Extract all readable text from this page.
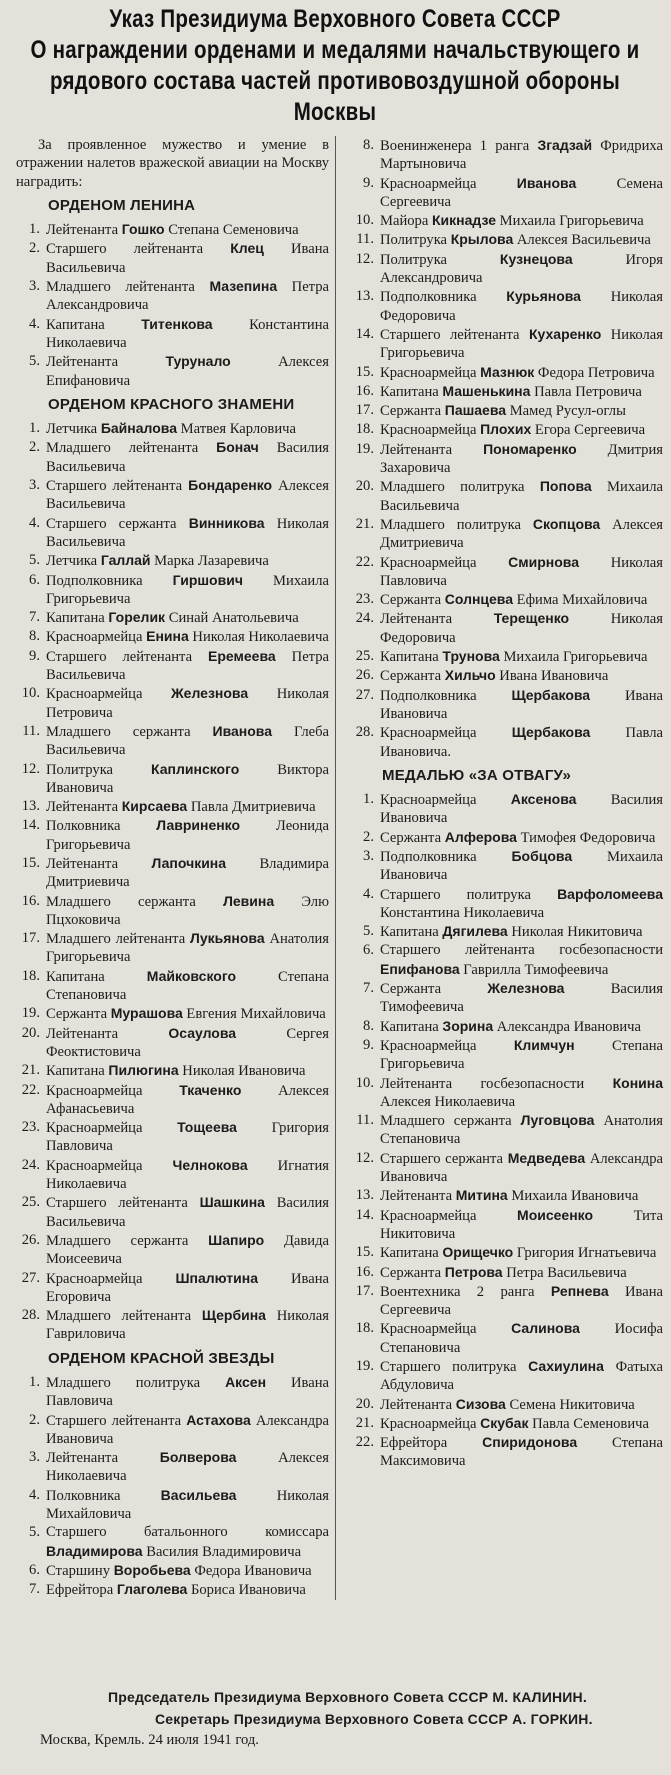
Указ Президиума Верховного Совета СССР
О награждении орденами и медалями начальствующего и
рядового состава частей противовоздушной обороны Москвы
За проявленное мужество и умение в отражении налетов вражеской авиации на Москву наградить:
ОРДЕНОМ ЛЕНИНА
1. Лейтенанта Гошко Степана Семеновича
2. Старшего лейтенанта Клец Ивана Васильевича
3. Младшего лейтенанта Мазепина Петра Александровича
4. Капитана Титенкова Константина Николаевича
5. Лейтенанта Турунало Алексея Епифановича
ОРДЕНОМ КРАСНОГО ЗНАМЕНИ
1. Летчика Байналова Матвея Карловича
2. Младшего лейтенанта Бонач Василия Васильевича
3. Старшего лейтенанта Бондаренко Алексея Васильевича
4. Старшего сержанта Винникова Николая Васильевича
5. Летчика Галлай Марка Лазаревича
6. Подполковника Гиршович Михаила Григорьевича
7. Капитана Горелик Синай Анатольевича
8. Красноармейца Енина Николая Николаевича
9. Старшего лейтенанта Еремеева Петра Васильевича
10. Красноармейца Железнова Николая Петровича
11. Младшего сержанта Иванова Глеба Васильевича
12. Политрука Каплинского Виктора Ивановича
13. Лейтенанта Кирсаева Павла Дмитриевича
14. Полковника Лавриненко Леонида Григорьевича
15. Лейтенанта Лапочкина Владимира Дмитриевича
16. Младшего сержанта Левина Элю Пцхоковича
17. Младшего лейтенанта Лукьянова Анатолия Григорьевича
18. Капитана Майковского Степана Степановича
19. Сержанта Мурашова Евгения Михайловича
20. Лейтенанта Осаулова Сергея Феоктистовича
21. Капитана Пилюгина Николая Ивановича
22. Красноармейца Ткаченко Алексея Афанасьевича
23. Красноармейца Тощеева Григория Павловича
24. Красноармейца Челнокова Игнатия Николаевича
25. Старшего лейтенанта Шашкина Василия Васильевича
26. Младшего сержанта Шапиро Давида Моисеевича
27. Красноармейца Шпалютина Ивана Егоровича
28. Младшего лейтенанта Щербина Николая Гавриловича
ОРДЕНОМ КРАСНОЙ ЗВЕЗДЫ
1. Младшего политрука Аксен Ивана Павловича
2. Старшего лейтенанта Астахова Александра Ивановича
3. Лейтенанта Болверова Алексея Николаевича
4. Полковника Васильева Николая Михайловича
5. Старшего батальонного комиссара Владимирова Василия Владимировича
6. Старшину Воробьева Федора Ивановича
7. Ефрейтора Глаголева Бориса Ивановича
8. Военинженера 1 ранга Згадзай Фридриха Мартыновича
9. Красноармейца Иванова Семена Сергеевича
10. Майора Кикнадзе Михаила Григорьевича
11. Политрука Крылова Алексея Васильевича
12. Политрука Кузнецова Игоря Александровича
13. Подполковника Курьянова Николая Федоровича
14. Старшего лейтенанта Кухаренко Николая Григорьевича
15. Красноармейца Мазнюк Федора Петровича
16. Капитана Машенькина Павла Петровича
17. Сержанта Пашаева Мамед Русул-оглы
18. Красноармейца Плохих Егора Сергеевича
19. Лейтенанта Пономаренко Дмитрия Захаровича
20. Младшего политрука Попова Михаила Васильевича
21. Младшего политрука Скопцова Алексея Дмитриевича
22. Красноармейца Смирнова Николая Павловича
23. Сержанта Солнцева Ефима Михайловича
24. Лейтенанта Терещенко Николая Федоровича
25. Капитана Трунова Михаила Григорьевича
26. Сержанта Хильчо Ивана Ивановича
27. Подполковника Щербакова Ивана Ивановича
28. Красноармейца Щербакова Павла Ивановича.
МЕДАЛЬЮ «ЗА ОТВАГУ»
1. Красноармейца Аксенова Василия Ивановича
2. Сержанта Алферова Тимофея Федоровича
3. Подполковника Бобцова Михаила Ивановича
4. Старшего политрука Варфоломеева Константина Николаевича
5. Капитана Дягилева Николая Никитовича
6. Старшего лейтенанта госбезопасности Епифанова Гаврилла Тимофеевича
7. Сержанта Железнова Василия Тимофеевича
8. Капитана Зорина Александра Ивановича
9. Красноармейца Климчун Степана Григорьевича
10. Лейтенанта госбезопасности Конина Алексея Николаевича
11. Младшего сержанта Луговцова Анатолия Степановича
12. Старшего сержанта Медведева Александра Ивановича
13. Лейтенанта Митина Михаила Ивановича
14. Красноармейца Моисеенко Тита Никитовича
15. Капитана Орищечко Григория Игнатьевича
16. Сержанта Петрова Петра Васильевича
17. Воентехника 2 ранга Репнева Ивана Сергеевича
18. Красноармейца Салинова Иосифа Степановича
19. Старшего политрука Сахиулина Фатыха Абдуловича
20. Лейтенанта Сизова Семена Никитовича
21. Красноармейца Скубак Павла Семеновича
22. Ефрейтора Спиридонова Степана Максимовича
Председатель Президиума Верховного Совета СССР М. КАЛИНИН.
Секретарь Президиума Верховного Совета СССР А. ГОРКИН.
Москва, Кремль. 24 июля 1941 год.
